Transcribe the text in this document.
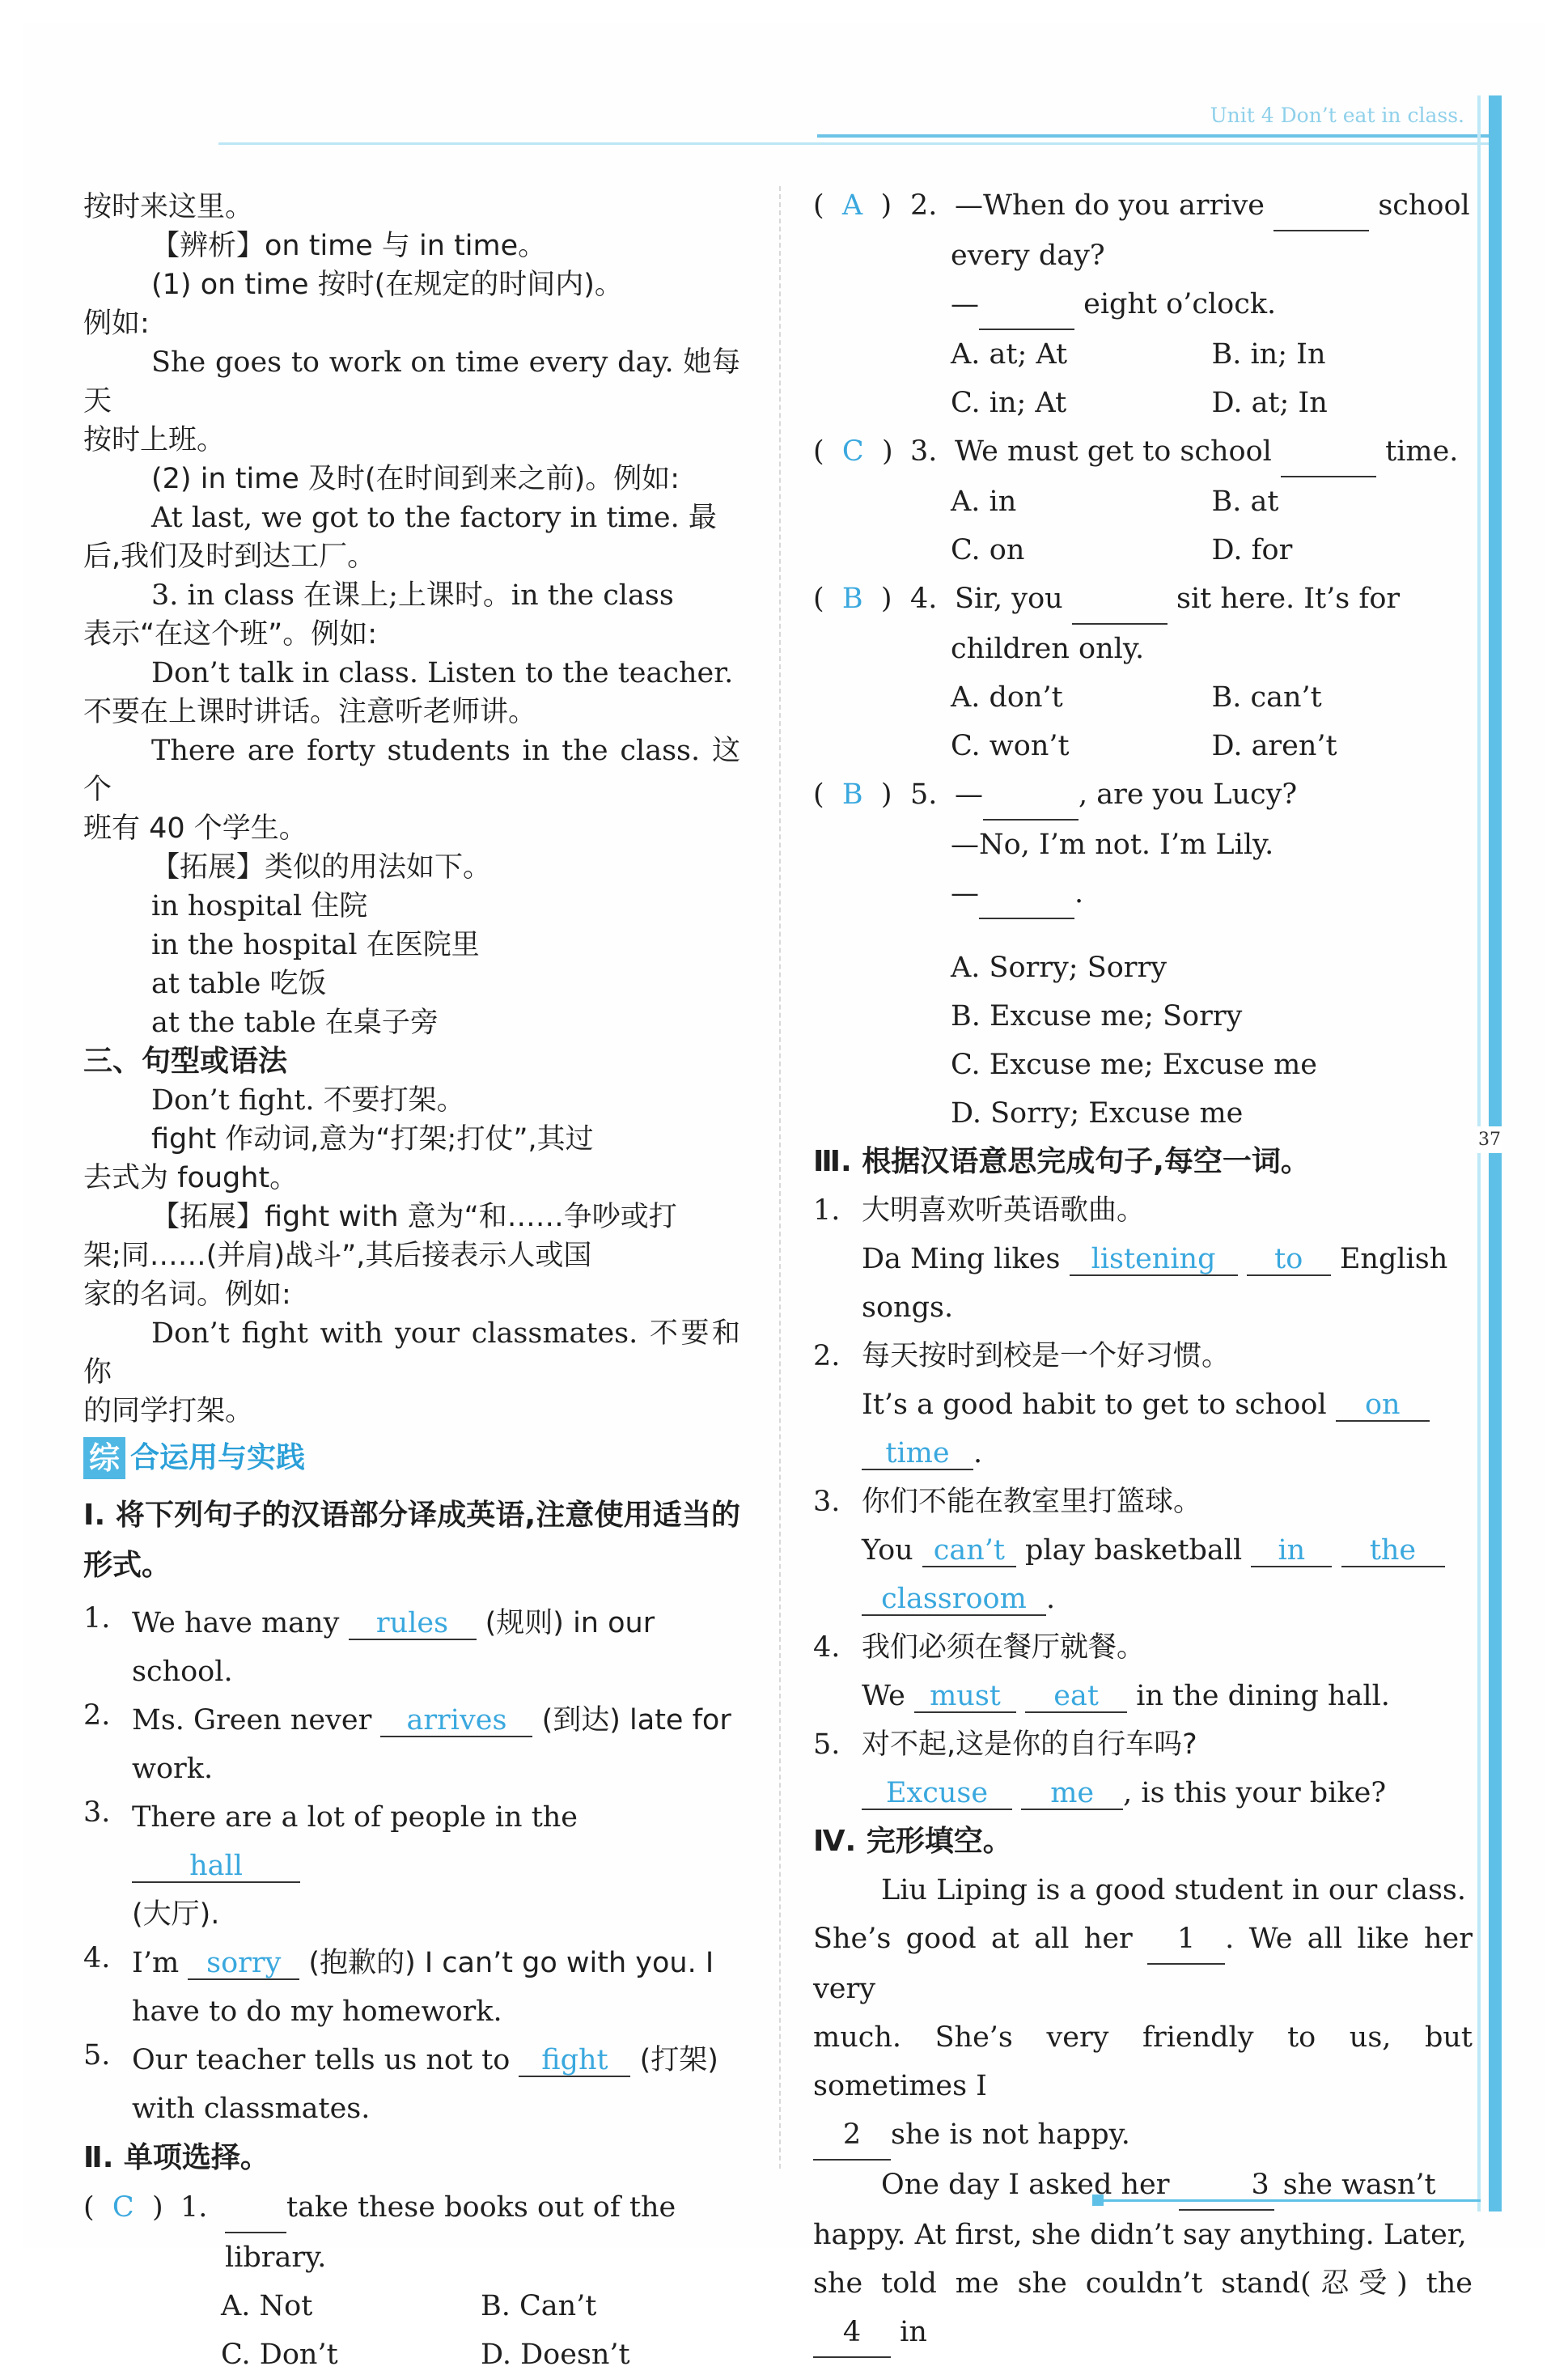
Unit 4 Don’t eat in class.
37

按时来这里。

【辨析】on time 与 in time。

(1) on time 按时(在规定的时间内)。

例如:

She goes to work on time every day. 她每天

按时上班。

(2) in time 及时(在时间到来之前)。例如:

At last, we got to the factory in time. 最

后,我们及时到达工厂。

3. in class 在课上;上课时。in the class

表示“在这个班”。例如:

Don’t talk in class. Listen to the teacher.

不要在上课时讲话。注意听老师讲。

There are forty students in the class. 这个

班有 40 个学生。

【拓展】类似的用法如下。

in hospital 住院

in the hospital 在医院里

at table 吃饭

at the table 在桌子旁

三、句型或语法

Don’t fight. 不要打架。

fight 作动词,意为“打架;打仗”,其过

去式为 fought。

【拓展】fight with 意为“和……争吵或打

架;同……(并肩)战斗”,其后接表示人或国

家的名词。例如:

Don’t fight with your classmates. 不要和你

的同学打架。

综 合运用与实践

Ⅰ. 将下列句子的汉语部分译成英语,注意使用适当的形式。

1. We have many rules (规则) in our
school.
2. Ms. Green never arrives (到达) late for
work.
3. There are a lot of people in the hall
(大厅).
4. I’m sorry (抱歉的) I can’t go with you. I
have to do my homework.
5. Our teacher tells us not to fight (打架)
with classmates.

Ⅱ. 单项选择。

( C ) 1.	take these books out of the library.
A. Not	B. Can’t
C. Don’t	D. Doesn’t
( A ) 2. —When do you arrive	school
every day?
—	eight o’clock.
A. at; At	B. in; In
C. in; At	D. at; In
( C ) 3. We must get to school	time.
A. in	B. at
C. on	D. for
( B ) 4. Sir, you	sit here. It’s for
children only.
A. don’t	B. can’t
C. won’t	D. aren’t
( B ) 5. —	, are you Lucy?
—No, I’m not. I’m Lily.
—	.
A. Sorry; Sorry
B. Excuse me; Sorry
C. Excuse me; Excuse me
D. Sorry; Excuse me

Ⅲ. 根据汉语意思完成句子,每空一词。

1. 大明喜欢听英语歌曲。
Da Ming likes listening to English
songs.
2. 每天按时到校是一个好习惯。
It’s a good habit to get to school on
time .
3. 你们不能在教室里打篮球。
You can’t play basketball in the
classroom .
4. 我们必须在餐厅就餐。
We must eat in the dining hall.
5. 对不起,这是你的自行车吗?
Excuse me , is this your bike?

Ⅳ. 完形填空。

Liu Liping is a good student in our class.

She’s good at all her 1 . We all like her very

much. She’s very friendly to us, but sometimes I

2 she is not happy.

One day I asked her	3 she wasn’t

happy. At first, she didn’t say anything. Later,

she told me she couldn’t stand(忍受) the 4 in
